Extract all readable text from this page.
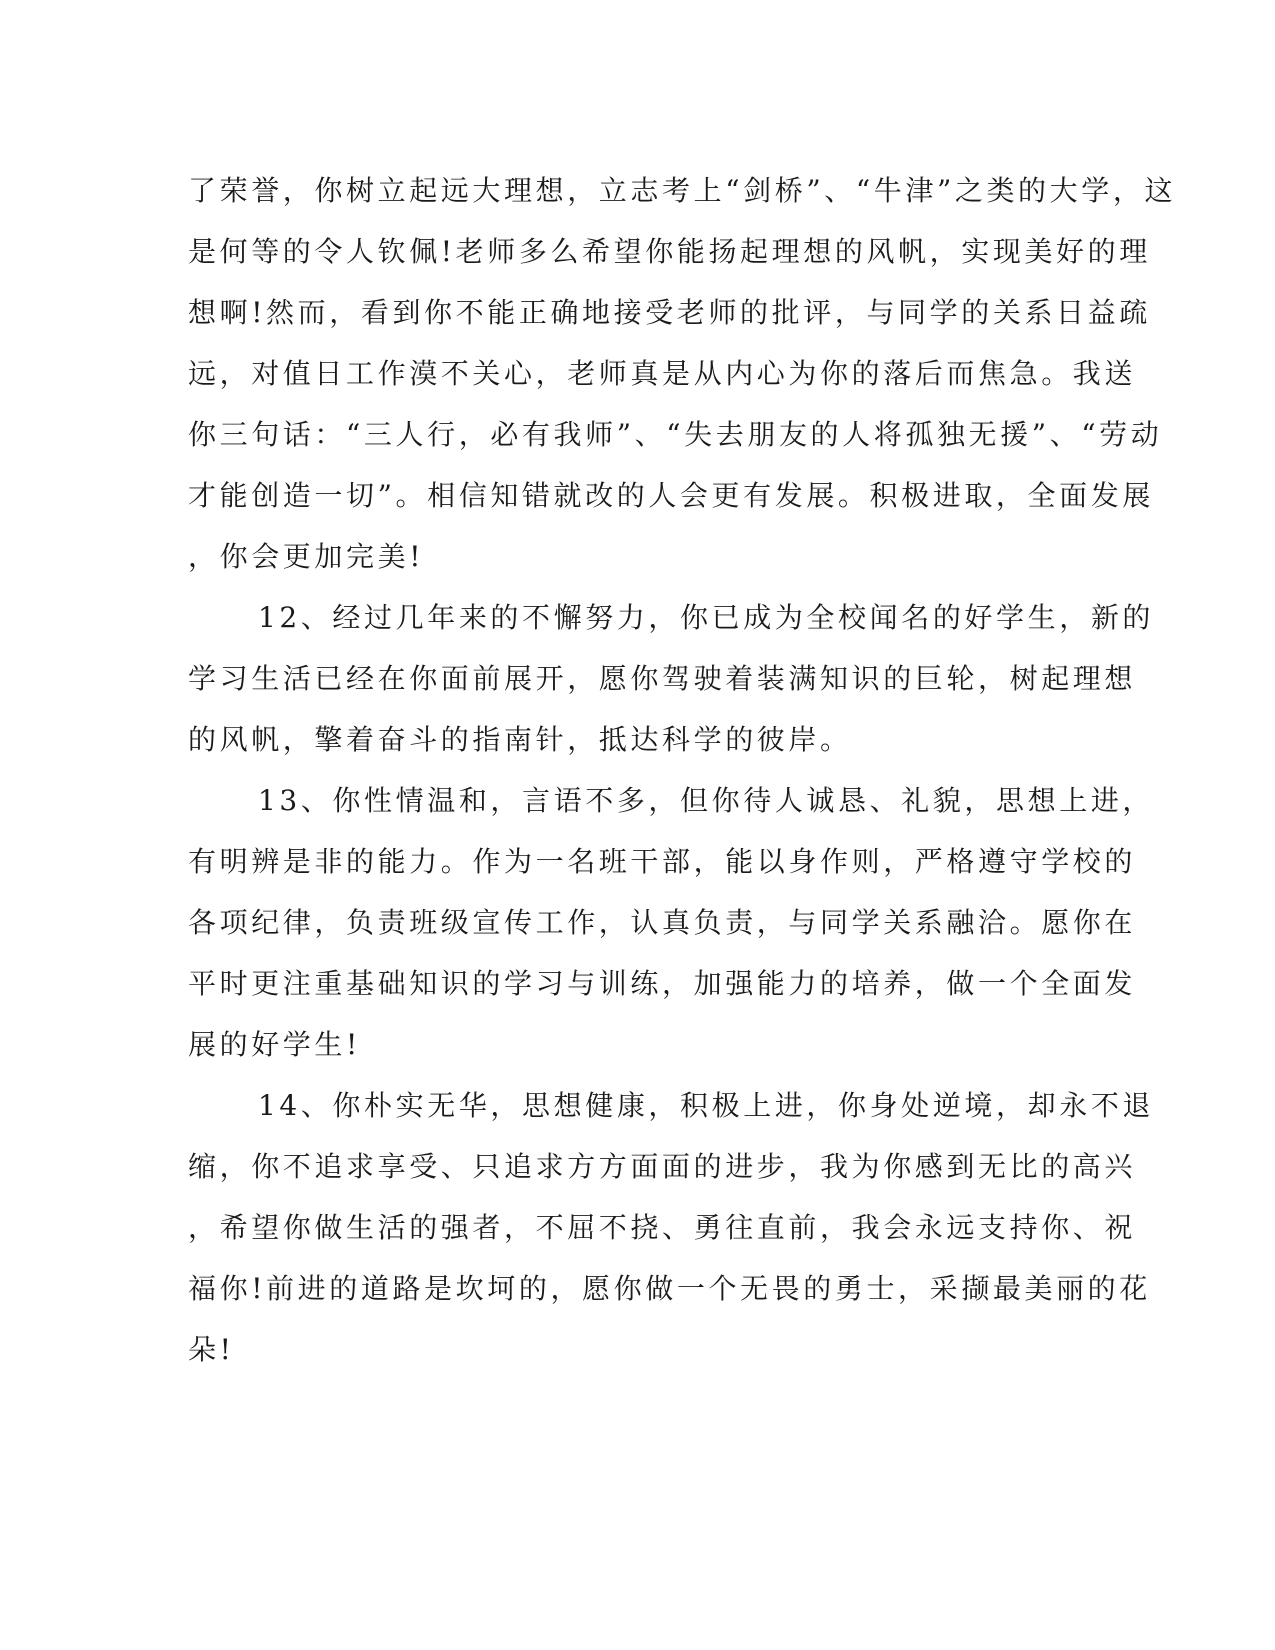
了荣誉，你树立起远大理想，立志考上“剑桥”、“牛津”之类的大学，这
是何等的令人钦佩!老师多么希望你能扬起理想的风帆，实现美好的理
想啊!然而，看到你不能正确地接受老师的批评，与同学的关系日益疏
远，对值日工作漠不关心，老师真是从内心为你的落后而焦急。我送
你三句话：“三人行，必有我师”、“失去朋友的人将孤独无援”、“劳动
才能创造一切”。相信知错就改的人会更有发展。积极进取，全面发展
，你会更加完美!

12、经过几年来的不懈努力，你已成为全校闻名的好学生，新的
学习生活已经在你面前展开，愿你驾驶着装满知识的巨轮，树起理想
的风帆，擎着奋斗的指南针，抵达科学的彼岸。

13、你性情温和，言语不多，但你待人诚恳、礼貌，思想上进，
有明辨是非的能力。作为一名班干部，能以身作则，严格遵守学校的
各项纪律，负责班级宣传工作，认真负责，与同学关系融洽。愿你在
平时更注重基础知识的学习与训练，加强能力的培养，做一个全面发
展的好学生!

14、你朴实无华，思想健康，积极上进，你身处逆境，却永不退
缩，你不追求享受、只追求方方面面的进步，我为你感到无比的高兴
，希望你做生活的强者，不屈不挠、勇往直前，我会永远支持你、祝
福你!前进的道路是坎坷的，愿你做一个无畏的勇士，采撷最美丽的花
朵!
